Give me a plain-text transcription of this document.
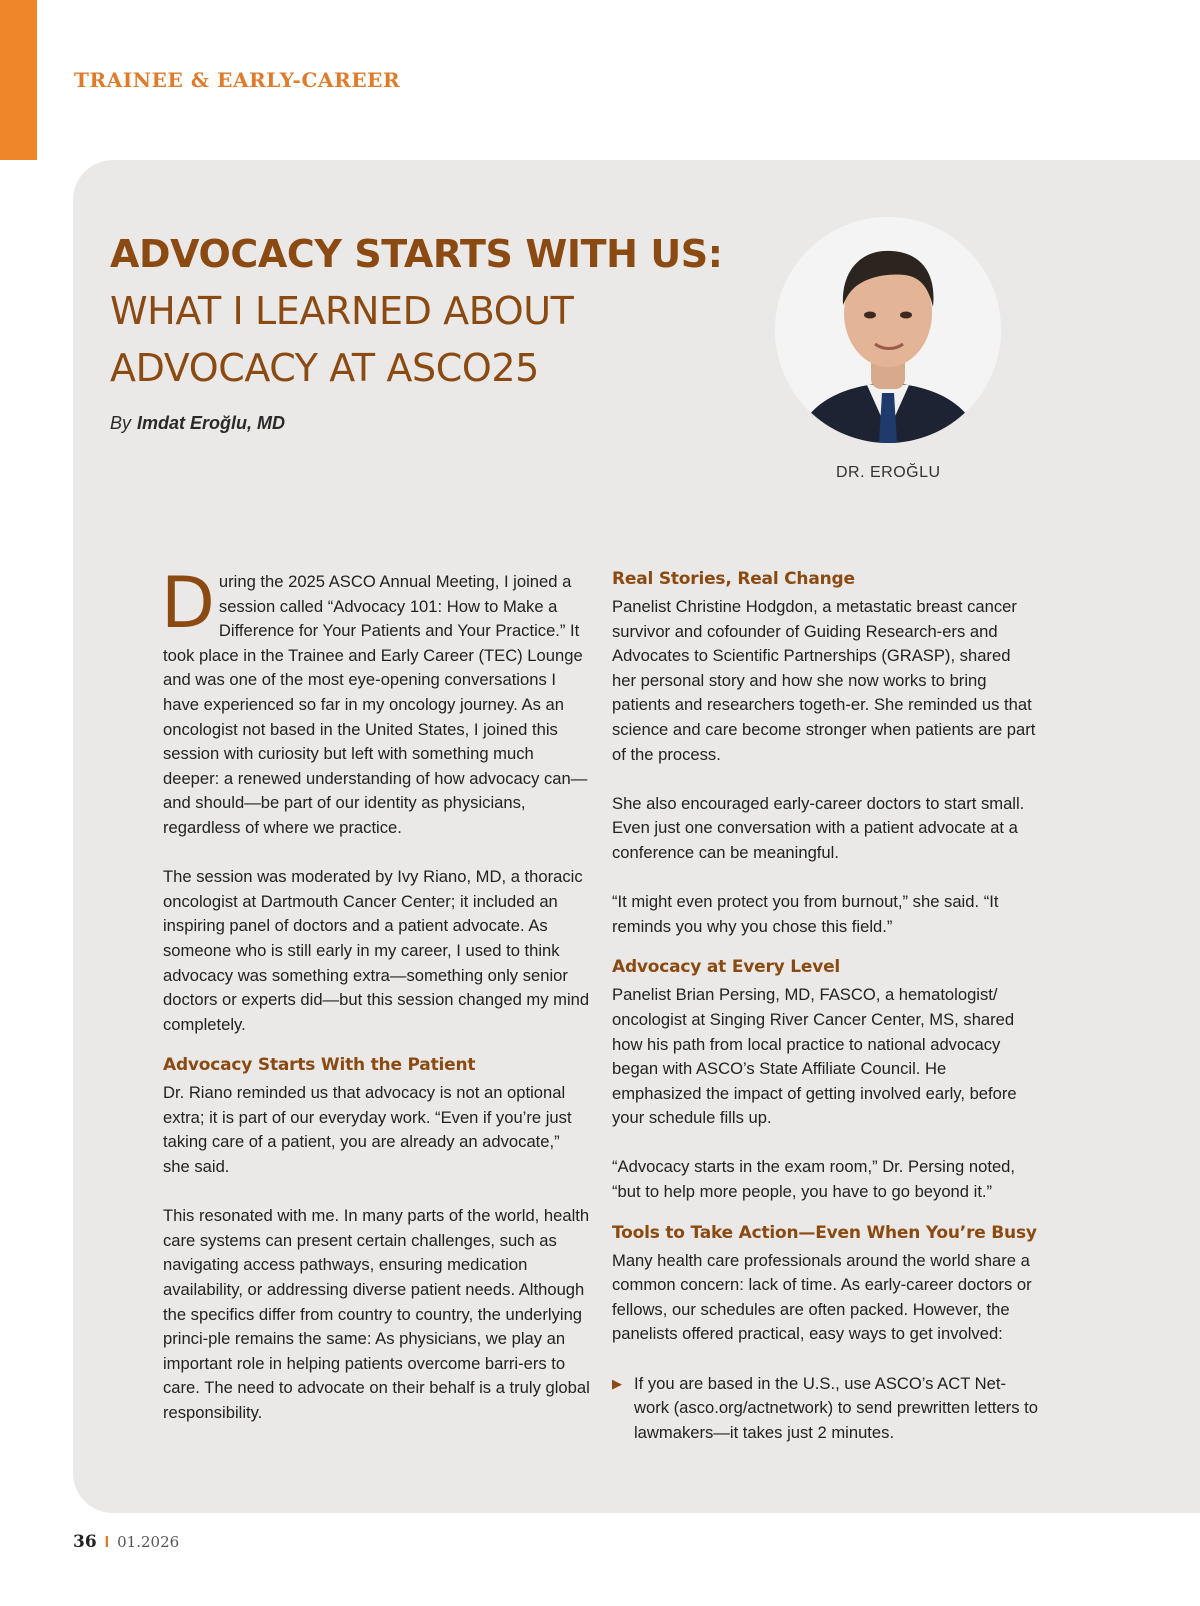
TRAINEE & EARLY-CAREER
ADVOCACY STARTS WITH US:
WHAT I LEARNED ABOUT
ADVOCACY AT ASCO25
By Imdat Eroğlu, MD
DR. EROĞLU

During the 2025 ASCO Annual Meeting, I joined a session called “Advocacy 101: How to Make a Difference for Your Patients and Your Practice.” It took place in the Trainee and Early Career (TEC) Lounge and was one of the most eye-opening conversations I have experienced so far in my oncology journey. As an oncologist not based in the United States, I joined this session with curiosity but left with something much deeper: a renewed understanding of how advocacy can—and should—be part of our identity as physicians, regardless of where we practice.

The session was moderated by Ivy Riano, MD, a thoracic oncologist at Dartmouth Cancer Center; it included an inspiring panel of doctors and a patient advocate. As someone who is still early in my career, I used to think advocacy was something extra—something only senior doctors or experts did—but this session changed my mind completely.

Advocacy Starts With the Patient

Dr. Riano reminded us that advocacy is not an optional extra; it is part of our everyday work. “Even if you’re just taking care of a patient, you are already an advocate,” she said.

This resonated with me. In many parts of the world, health care systems can present certain challenges, such as navigating access pathways, ensuring medication availability, or addressing diverse patient needs. Although the specifics differ from country to country, the underlying princi-ple remains the same: As physicians, we play an important role in helping patients overcome barri-ers to care. The need to advocate on their behalf is a truly global responsibility.

Real Stories, Real Change

Panelist Christine Hodgdon, a metastatic breast cancer survivor and cofounder of Guiding Research-ers and Advocates to Scientific Partnerships (GRASP), shared her personal story and how she now works to bring patients and researchers togeth-er. She reminded us that science and care become stronger when patients are part of the process.

She also encouraged early-career doctors to start small. Even just one conversation with a patient advocate at a conference can be meaningful.

“It might even protect you from burnout,” she said. “It reminds you why you chose this field.”

Advocacy at Every Level

Panelist Brian Persing, MD, FASCO, a hematologist/ oncologist at Singing River Cancer Center, MS, shared how his path from local practice to national advocacy began with ASCO’s State Affiliate Council. He emphasized the impact of getting involved early, before your schedule fills up.

“Advocacy starts in the exam room,” Dr. Persing noted, “but to help more people, you have to go beyond it.”

Tools to Take Action—Even When You’re Busy

Many health care professionals around the world share a common concern: lack of time. As early-career doctors or fellows, our schedules are often packed. However, the panelists offered practical, easy ways to get involved:

▶ If you are based in the U.S., use ASCO’s ACT Net-work (asco.org/actnetwork) to send prewritten letters to lawmakers—it takes just 2 minutes.
36 I 01.2026
